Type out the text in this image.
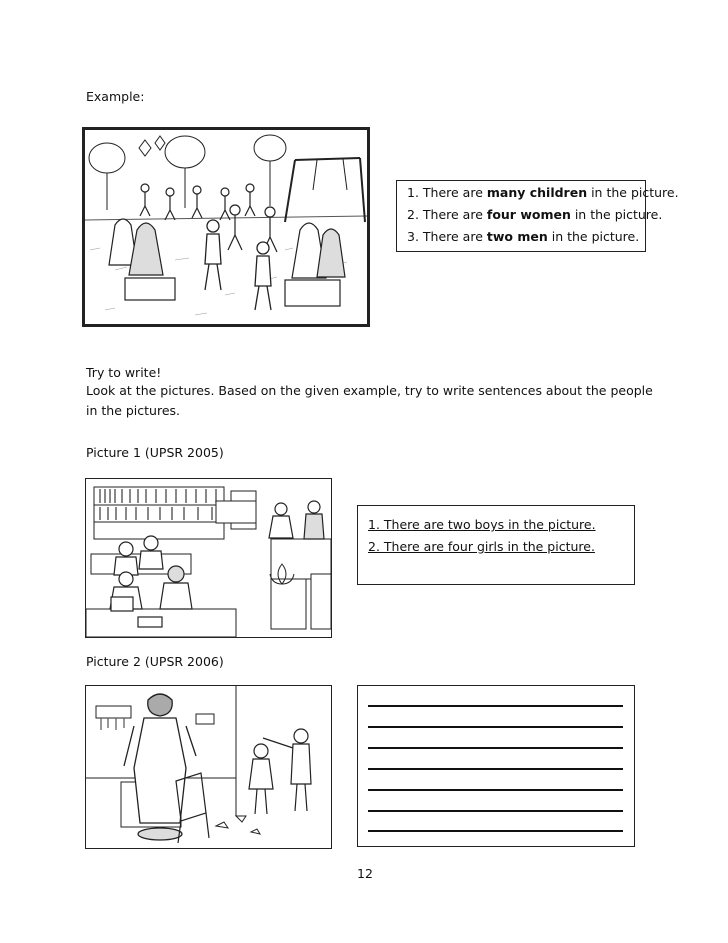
Example:
1. There are many children in the picture.
2. There are four women in the picture.
3. There are two men in the picture.
Try to write!
Look at the pictures. Based on the given example, try to write sentences about the people
in the pictures.
Picture 1 (UPSR 2005)
1. There are two boys in the picture.
2. There are four girls in the picture.
Picture 2 (UPSR 2006)
12
